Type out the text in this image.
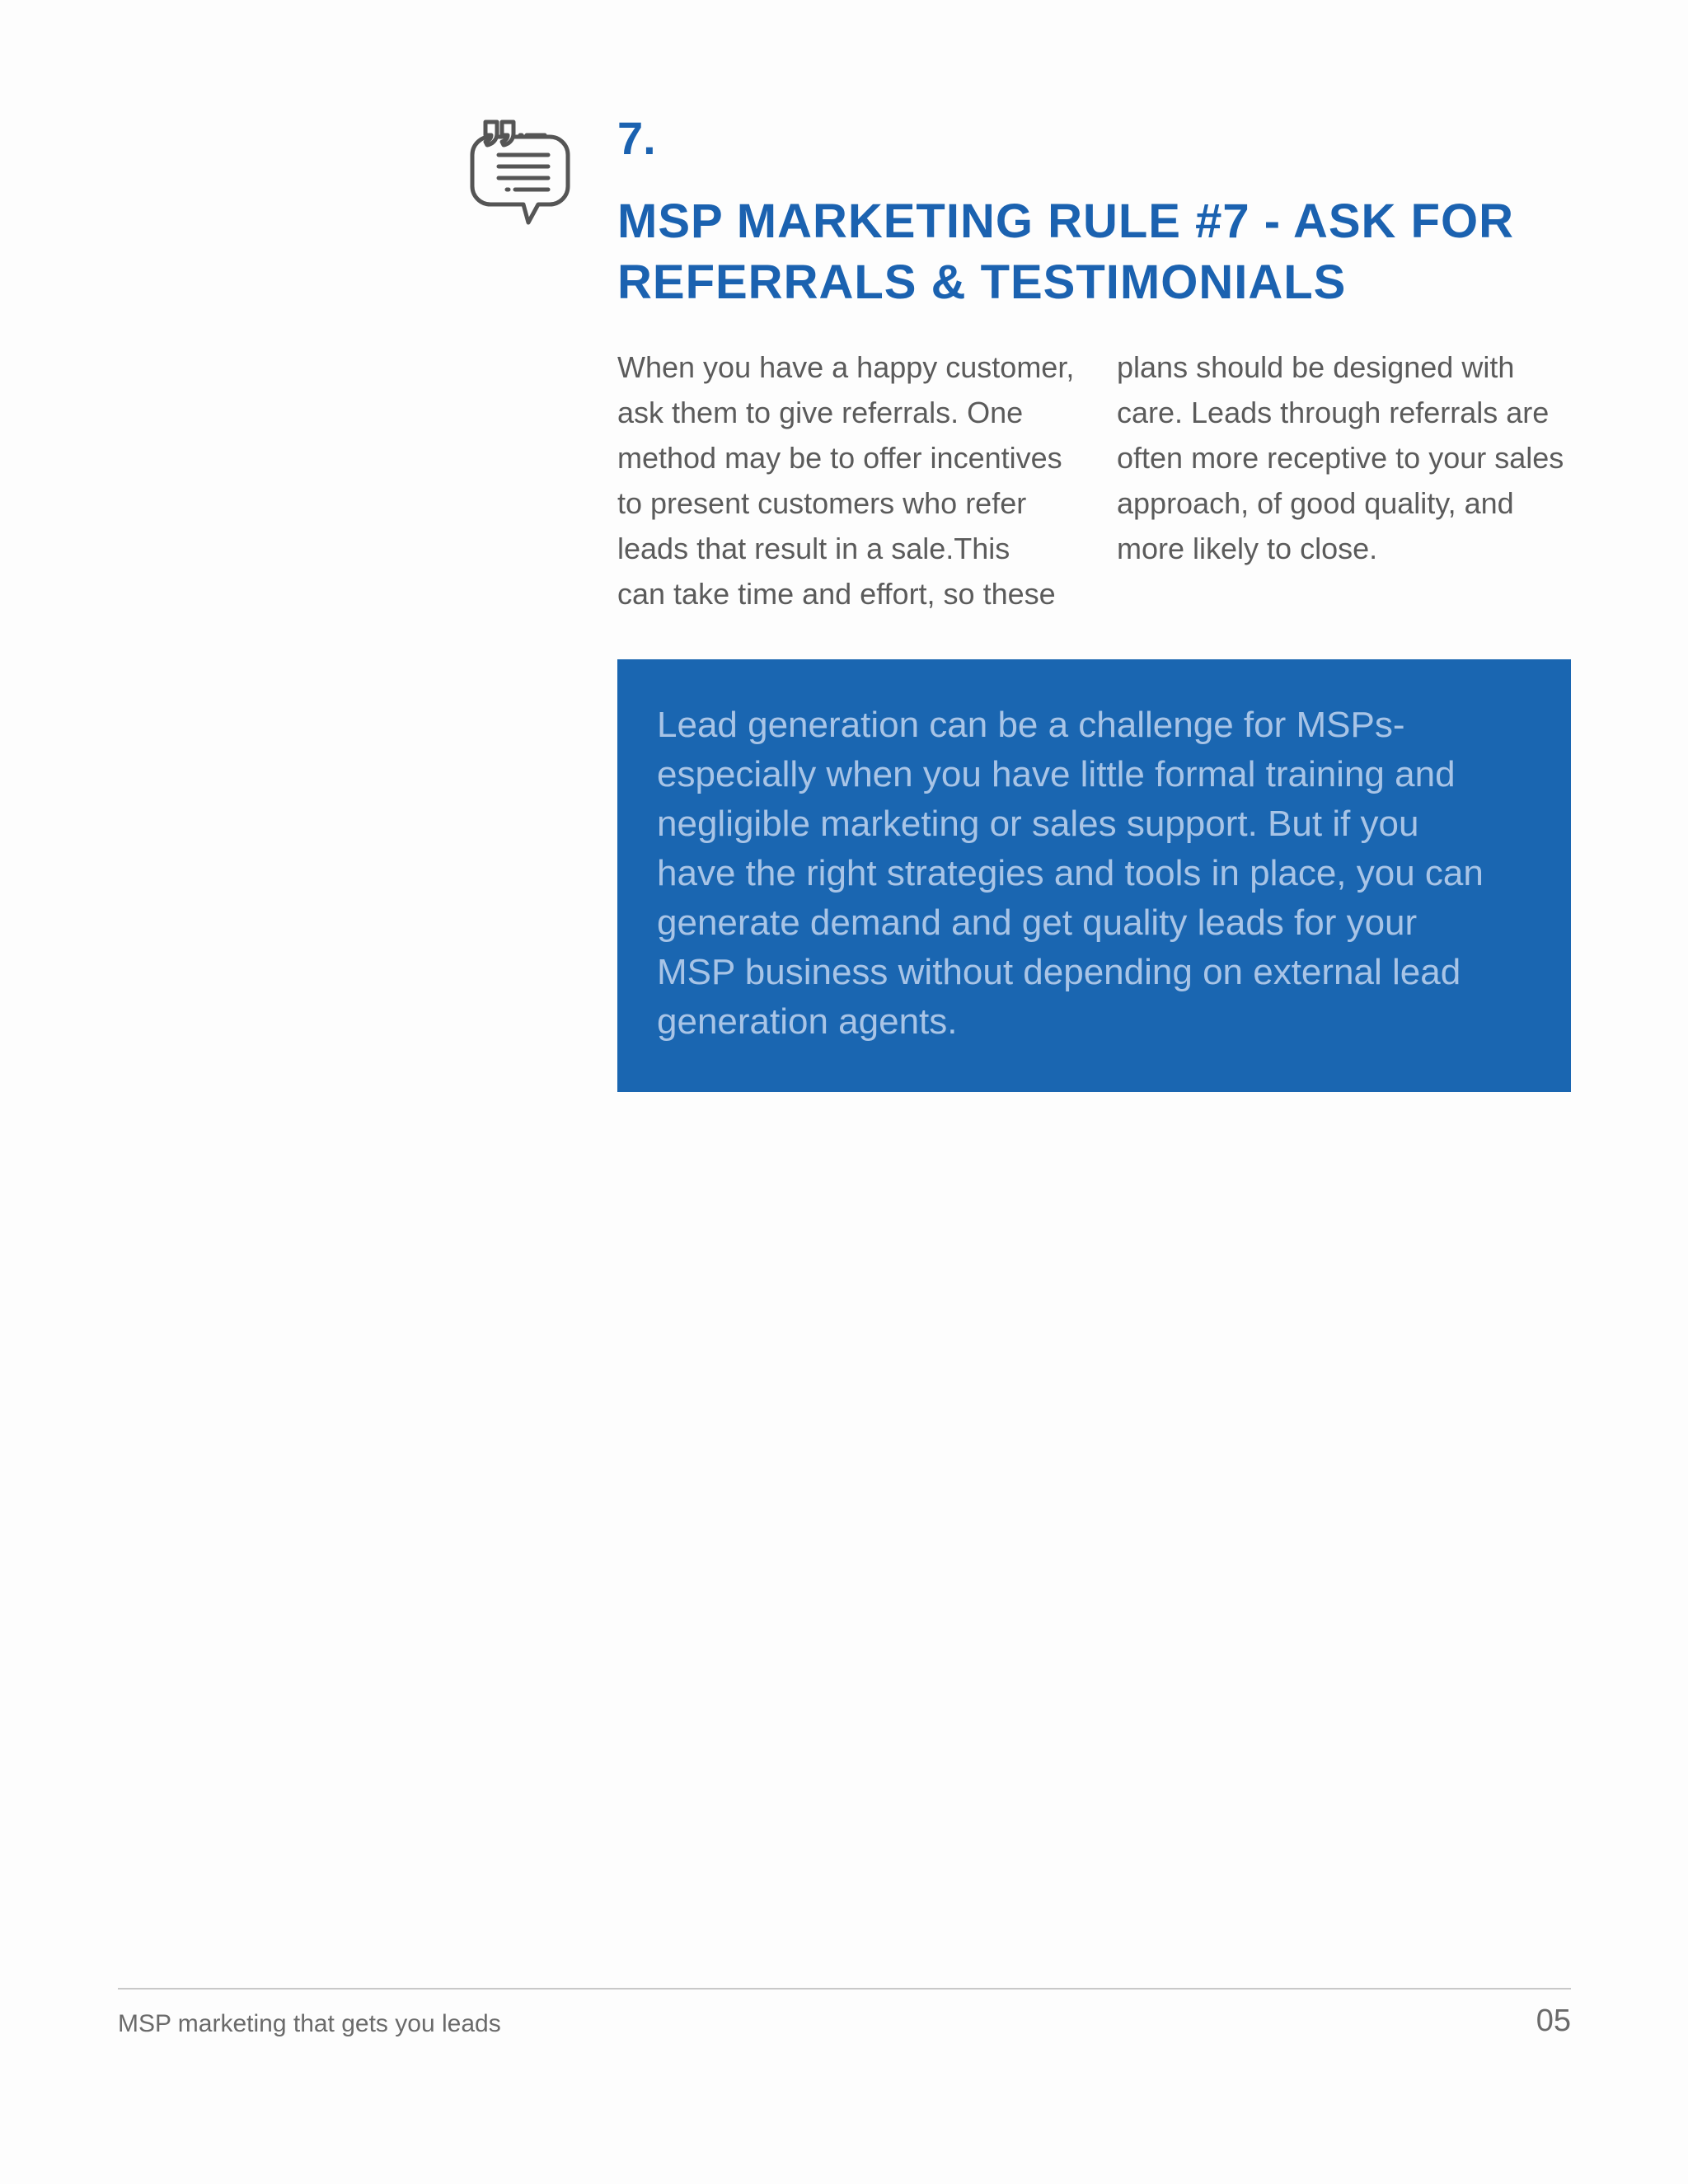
7.
MSP MARKETING RULE #7 - ASK FOR REFERRALS & TESTIMONIALS

When you have a happy customer,
ask them to give referrals. One
method may be to offer incentives
to present customers who refer
leads that result in a sale.This
can take time and effort, so these

plans should be designed with
care. Leads through referrals are
often more receptive to your sales
approach, of good quality, and
more likely to close.

Lead generation can be a challenge for MSPs-
especially when you have little formal training and
negligible marketing or sales support. But if you
have the right strategies and tools in place, you can
generate demand and get quality leads for your
MSP business without depending on external lead
generation agents.

MSP marketing that gets you leads	05
